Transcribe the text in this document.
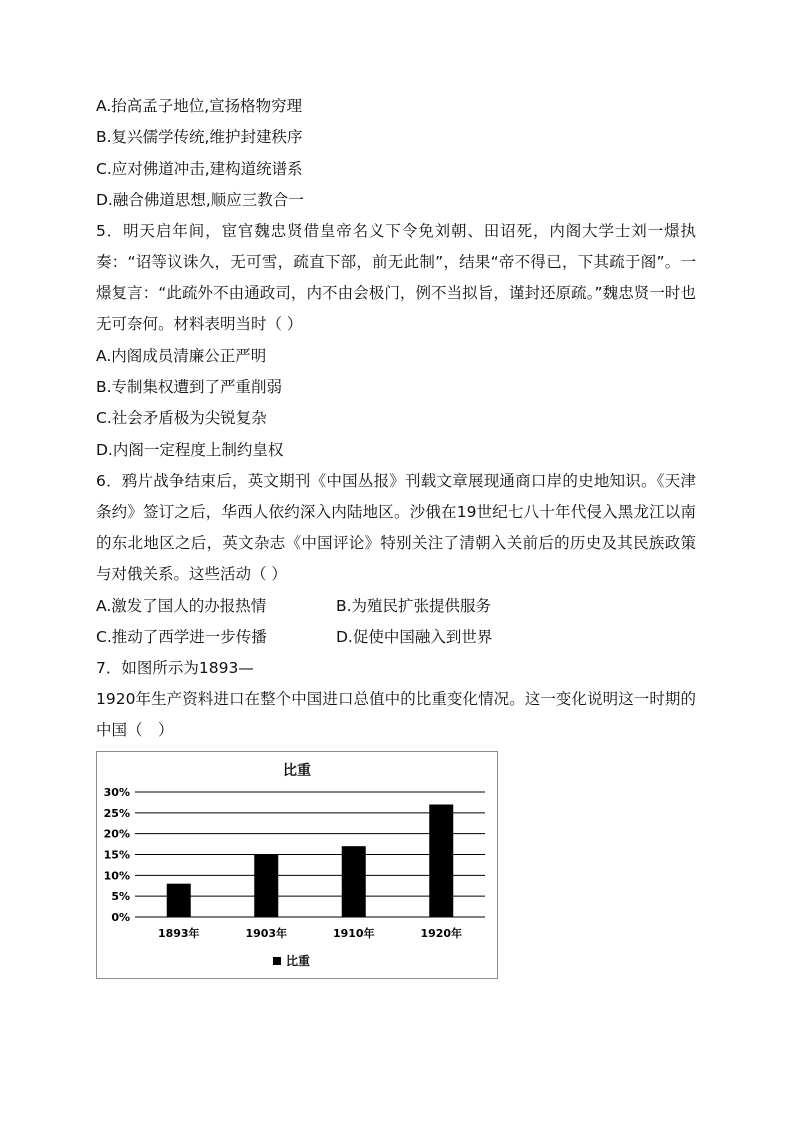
A.抬高孟子地位,宣扬格物穷理
B.复兴儒学传统,维护封建秩序
C.应对佛道冲击,建构道统谱系
D.融合佛道思想,顺应三教合一
5．明天启年间，宦官魏忠贤借皇帝名义下令免刘朝、田诏死，内阁大学士刘一燝执奏：“诏等议诛久，无可雪，疏直下部，前无此制”，结果“帝不得已，下其疏于阁”。一燝复言：“此疏外不由通政司，内不由会极门，例不当拟旨，谨封还原疏。”魏忠贤一时也无可奈何。材料表明当时（ ）
A.内阁成员清廉公正严明
B.专制集权遭到了严重削弱
C.社会矛盾极为尖锐复杂
D.内阁一定程度上制约皇权
6．鸦片战争结束后，英文期刊《中国丛报》刊载文章展现通商口岸的史地知识。《天津条约》签订之后，华西人依约深入内陆地区。沙俄在19世纪七八十年代侵入黑龙江以南的东北地区之后，英文杂志《中国评论》特别关注了清朝入关前后的历史及其民族政策与对俄关系。这些活动（ ）
A.激发了国人的办报热情	B.为殖民扩张提供服务
C.推动了西学进一步传播	D.促使中国融入到世界
7．如图所示为1893—
1920年生产资料进口在整个中国进口总值中的比重变化情况。这一变化说明这一时期的中国（　）
比重
0%
5%
10%
15%
20%
25%
30%
1893年	1903年	1910年	1920年
比重
